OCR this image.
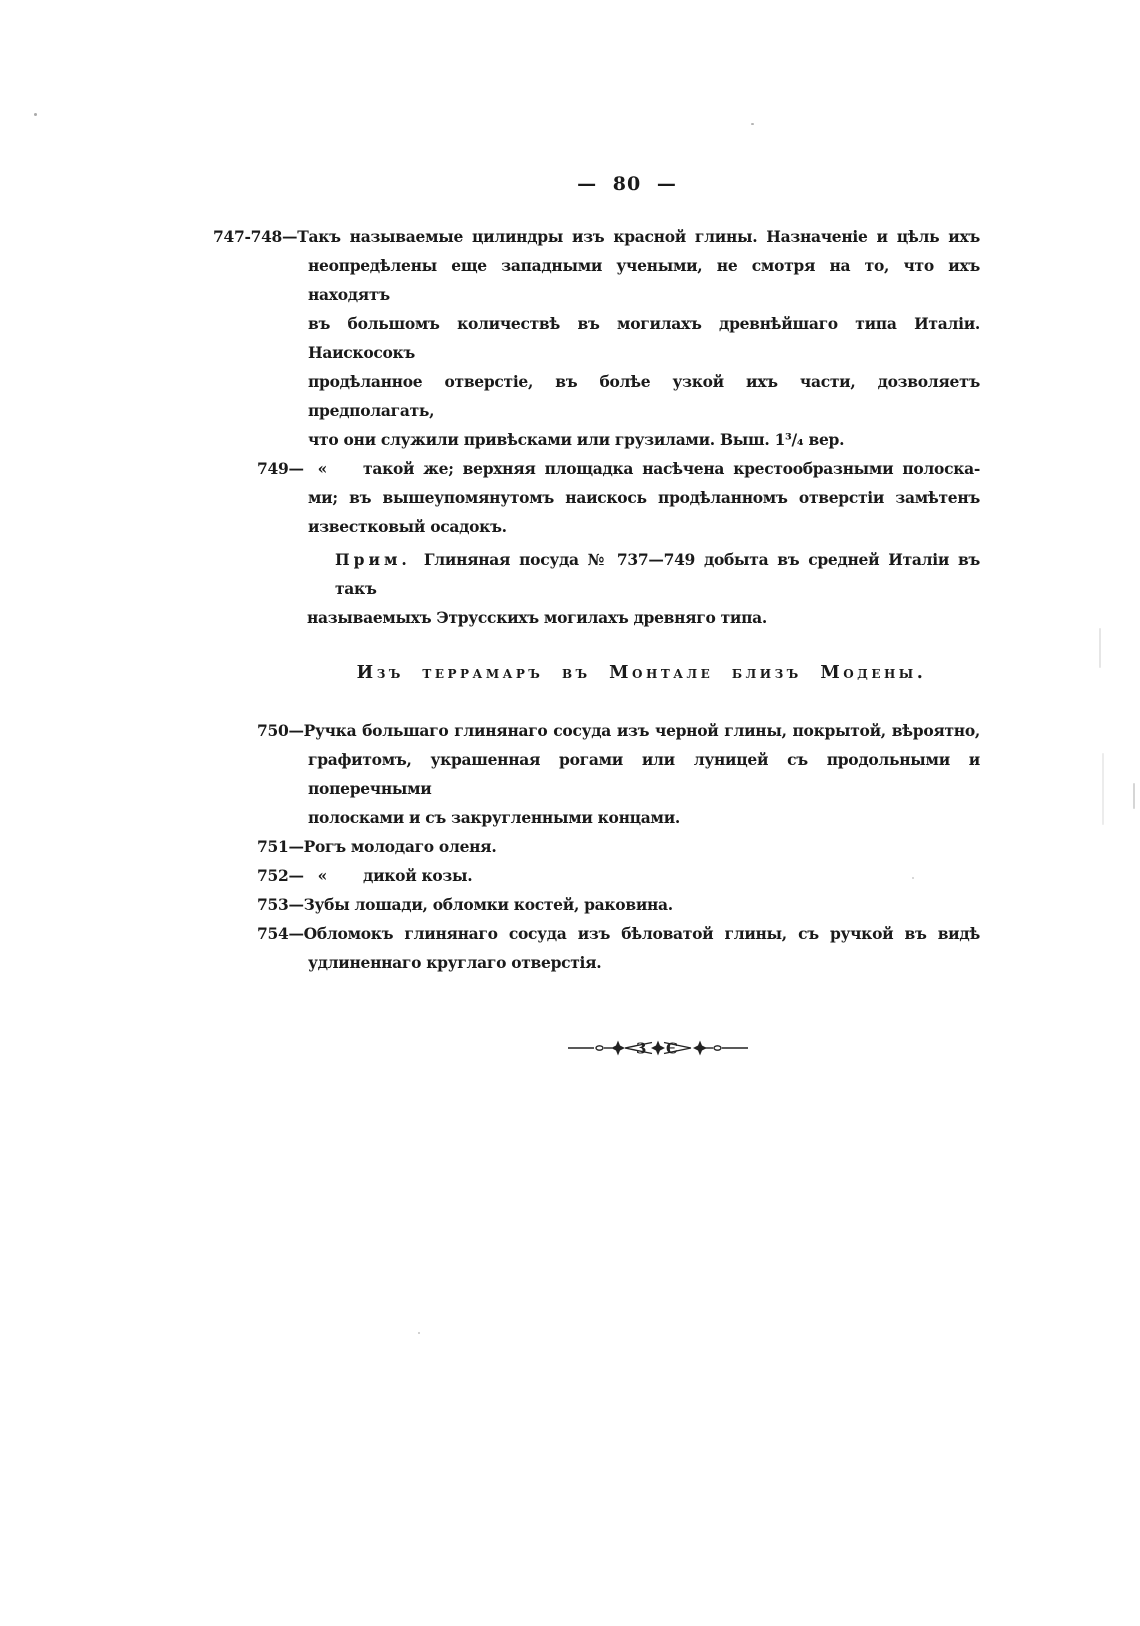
— 80 —
747-748—Такъ называемые цилиндры изъ красной глины. Назначеніе и цѣль ихъ
неопредѣлены еще западными учеными, не смотря на то, что ихъ находятъ
въ большомъ количествѣ въ могилахъ древнѣйшаго типа Италіи. Наискосокъ
продѣланное отверстіе, въ болѣе узкой ихъ части, дозволяетъ предполагать,
что они служили привѣсками или грузилами. Выш. 1³/₄ вер.
749— « такой же; верхняя площадка насѣчена крестообразными полоска-
ми; въ вышеупомянутомъ наискось продѣланномъ отверстіи замѣтенъ
известковый осадокъ.
Прим. Глиняная посуда № 737—749 добыта въ средней Италіи въ такъ
называемыхъ Этрусскихъ могилахъ древняго типа.
Изъ террамаръ въ Монтале близъ Модены.
750—Ручка большаго глинянаго сосуда изъ черной глины, покрытой, вѣроятно,
графитомъ, украшенная рогами или луницей съ продольными и поперечными
полосками и съ закругленными концами.
751—Рогъ молодаго оленя.
752— « дикой козы.
753—Зубы лошади, обломки костей, раковина.
754—Обломокъ глинянаго сосуда изъ бѣловатой глины, съ ручкой въ видѣ
удлиненнаго круглаго отверстія.
3 Є
